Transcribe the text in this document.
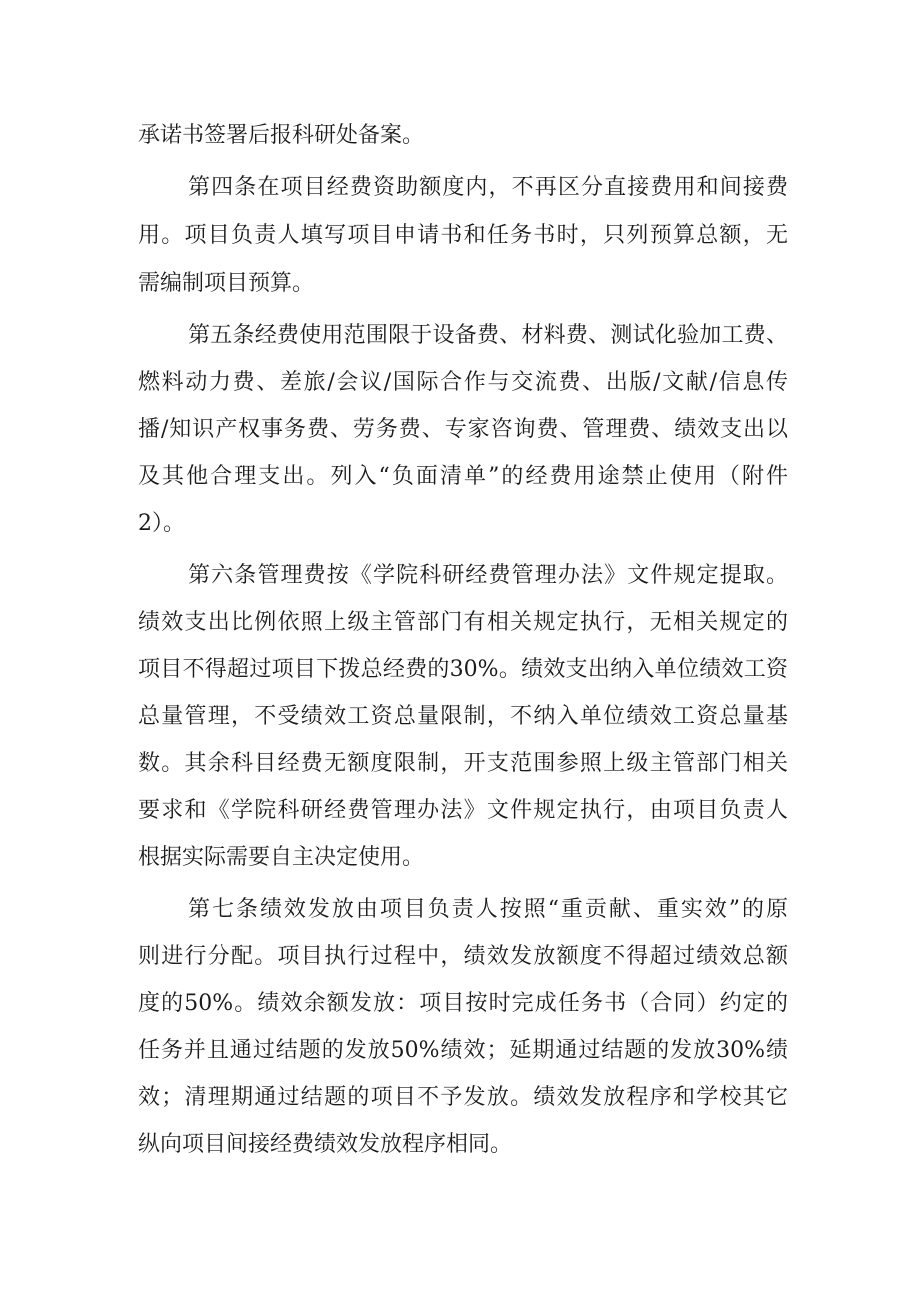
承诺书签署后报科研处备案。
第四条在项目经费资助额度内，不再区分直接费用和间接费
用。项目负责人填写项目申请书和任务书时，只列预算总额，无
需编制项目预算。
第五条经费使用范围限于设备费、材料费、测试化验加工费、
燃料动力费、差旅/会议/国际合作与交流费、出版/文献/信息传
播/知识产权事务费、劳务费、专家咨询费、管理费、绩效支出以
及其他合理支出。列入“负面清单”的经费用途禁止使用（附件
2）。
第六条管理费按《学院科研经费管理办法》文件规定提取。
绩效支出比例依照上级主管部门有相关规定执行，无相关规定的
项目不得超过项目下拨总经费的30%。绩效支出纳入单位绩效工资
总量管理，不受绩效工资总量限制，不纳入单位绩效工资总量基
数。其余科目经费无额度限制，开支范围参照上级主管部门相关
要求和《学院科研经费管理办法》文件规定执行，由项目负责人
根据实际需要自主决定使用。
第七条绩效发放由项目负责人按照“重贡献、重实效”的原
则进行分配。项目执行过程中，绩效发放额度不得超过绩效总额
度的50%。绩效余额发放：项目按时完成任务书（合同）约定的
任务并且通过结题的发放50%绩效；延期通过结题的发放30%绩
效；清理期通过结题的项目不予发放。绩效发放程序和学校其它
纵向项目间接经费绩效发放程序相同。
